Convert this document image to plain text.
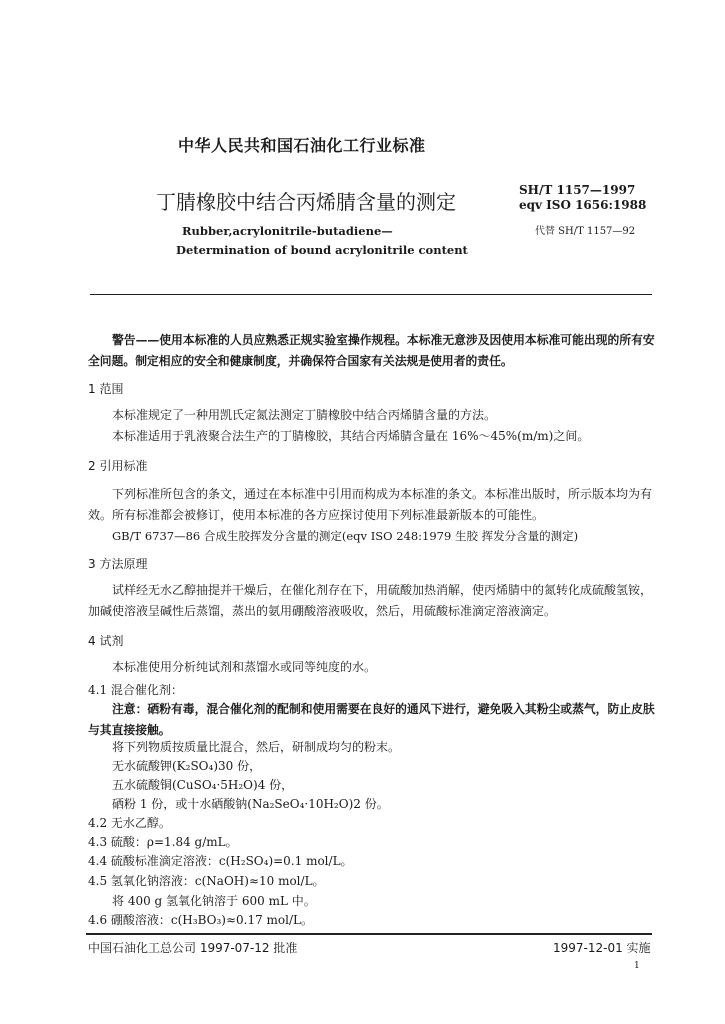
中华人民共和国石油化工行业标准
丁腈橡胶中结合丙烯腈含量的测定	SH/T 1157—1997
eqv ISO 1656:1988
代替 SH/T 1157—92
Rubber,acrylonitrile-butadiene—
Determination of bound acrylonitrile content
警告——使用本标准的人员应熟悉正规实验室操作规程。本标准无意涉及因使用本标准可能出现的所有安全问题。制定相应的安全和健康制度，并确保符合国家有关法规是使用者的责任。
1 范围
本标准规定了一种用凯氏定氮法测定丁腈橡胶中结合丙烯腈含量的方法。
本标准适用于乳液聚合法生产的丁腈橡胶，其结合丙烯腈含量在 16%～45%(m/m)之间。
2 引用标准
下列标准所包含的条文，通过在本标准中引用而构成为本标准的条文。本标准出版时，所示版本均为有效。所有标准都会被修订，使用本标准的各方应探讨使用下列标准最新版本的可能性。
GB/T 6737—86 合成生胶挥发分含量的测定(eqv ISO 248:1979 生胶 挥发分含量的测定)
3 方法原理
试样经无水乙醇抽提并干燥后，在催化剂存在下，用硫酸加热消解，使丙烯腈中的氮转化成硫酸氢铵，加碱使溶液呈碱性后蒸馏，蒸出的氨用硼酸溶液吸收，然后，用硫酸标准滴定溶液滴定。
4 试剂
本标准使用分析纯试剂和蒸馏水或同等纯度的水。
4.1 混合催化剂：
注意：硒粉有毒，混合催化剂的配制和使用需要在良好的通风下进行，避免吸入其粉尘或蒸气，防止皮肤与其直接接触。
将下列物质按质量比混合，然后，研制成均匀的粉末。
无水硫酸钾(K₂SO₄)30 份，
五水硫酸铜(CuSO₄·5H₂O)4 份，
硒粉 1 份，或十水硒酸钠(Na₂SeO₄·10H₂O)2 份。
4.2 无水乙醇。
4.3 硫酸：ρ=1.84 g/mL。
4.4 硫酸标准滴定溶液：c(H₂SO₄)=0.1 mol/L。
4.5 氢氧化钠溶液：c(NaOH)≈10 mol/L。
将 400 g 氢氧化钠溶于 600 mL 中。
4.6 硼酸溶液：c(H₃BO₃)≈0.17 mol/L。
中国石油化工总公司 1997-07-12 批准	1997-12-01 实施
1
